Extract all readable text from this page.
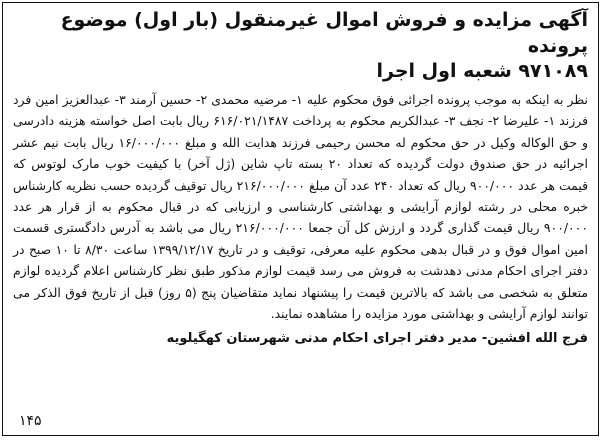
آگهی مزایده و فروش اموال غیرمنقول (بار اول) موضوع پرونده

۹۷۱۰۸۹ شعبه اول اجرا

نظر به اینکه به موجب پرونده اجرائی فوق محکوم علیه ۱- مرضیه محمدی ۲- حسین آرمند ۳- عبدالعزیز امین فرد فرزند ۱- علیرضا ۲- نجف ۳- عبدالکریم محکوم به پرداخت ۶۱۶/۰۲۱/۱۴۸۷ ریال بابت اصل خواسته هزینه دادرسی و حق الوکاله وکیل در حق محکوم له محسن رحیمی فرزند هدایت الله و مبلغ ۱۶/۰۰۰/۰۰۰ ریال بابت نیم عشر اجرائیه در حق صندوق دولت گردیده که تعداد ۲۰ بسته تاپ شاین (ژل آخر) با کیفیت خوب مارک لوتوس که قیمت هر عدد ۹۰۰/۰۰۰ ریال که تعداد ۲۴۰ عدد آن مبلغ ۲۱۶/۰۰۰/۰۰۰ ریال توقیف گردیده حسب نظریه کارشناس خبره محلی در رشته لوازم آرایشی و بهداشتی کارشناسی و ارزیابی که در قبال محکوم به از قرار هر عدد ۹۰۰/۰۰۰ ریال قیمت گذاری گردد و ارزش کل آن جمعا ۲۱۶/۰۰۰/۰۰۰ ریال می باشد به آدرس دادگستری قسمت امین اموال فوق و در قبال بدهی محکوم علیه معرفی، توقیف و در تاریخ ۱۳۹۹/۱۲/۱۷ ساعت ۸/۳۰ تا ۱۰ صبح در دفتر اجرای احکام مدنی دهدشت به فروش می رسد قیمت لوازم مذکور طبق نظر کارشناس اعلام گردیده لوازم متعلق به شخصی می باشد که بالاترین قیمت را پیشنهاد نماید متقاضیان پنج (۵ روز) قبل از تاریخ فوق الذکر می توانند لوازم آرایشی و بهداشتی مورد مزایده را مشاهده نمایند.

فرج الله افشین- مدیر دفتر اجرای احکام مدنی شهرستان کهگیلویه

۱۴۵
